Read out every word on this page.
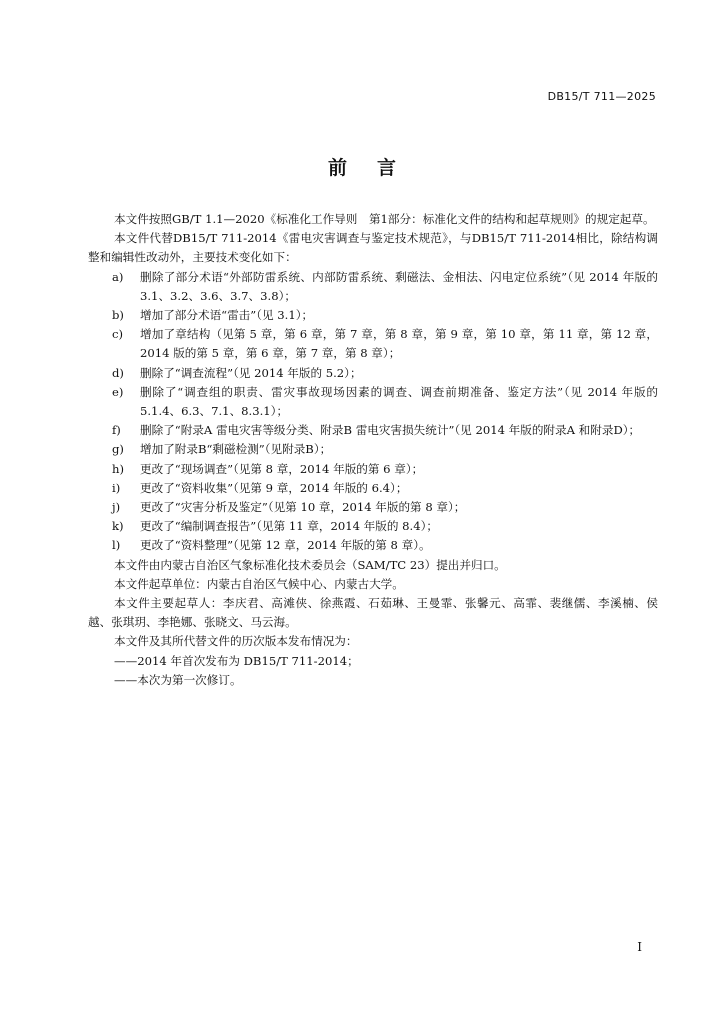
DB15/T 711—2025
前言

本文件按照GB/T 1.1—2020《标准化工作导则　第1部分：标准化文件的结构和起草规则》的规定起草。

本文件代替DB15/T 711-2014《雷电灾害调查与鉴定技术规范》，与DB15/T 711-2014相比，除结构调整和编辑性改动外，主要技术变化如下：

a)	删除了部分术语“外部防雷系统、内部防雷系统、剩磁法、金相法、闪电定位系统”（见 2014 年版的 3.1、3.2、3.6、3.7、3.8）；
b)	增加了部分术语“雷击”（见 3.1）；
c)	增加了章结构（见第 5 章，第 6 章，第 7 章，第 8 章，第 9 章，第 10 章，第 11 章，第 12 章，2014 版的第 5 章，第 6 章，第 7 章，第 8 章）；
d)	删除了“调查流程”（见 2014 年版的 5.2）；
e)	删除了“调查组的职责、雷灾事故现场因素的调查、调查前期准备、鉴定方法”（见 2014 年版的 5.1.4、6.3、7.1、8.3.1）；
f)	删除了“附录A 雷电灾害等级分类、附录B 雷电灾害损失统计”（见 2014 年版的附录A 和附录D）；
g)	增加了附录B“剩磁检测”（见附录B）；
h)	更改了“现场调查”（见第 8 章，2014 年版的第 6 章）；
i)	更改了“资料收集”（见第 9 章，2014 年版的 6.4）；
j)	更改了“灾害分析及鉴定”（见第 10 章，2014 年版的第 8 章）；
k)	更改了“编制调查报告”（见第 11 章，2014 年版的 8.4）；
l)	更改了“资料整理”（见第 12 章，2014 年版的第 8 章）。

本文件由内蒙古自治区气象标准化技术委员会（SAM/TC 23）提出并归口。

本文件起草单位：内蒙古自治区气候中心、内蒙古大学。

本文件主要起草人：李庆君、高滩侠、徐燕霞、石茹琳、王曼霏、张馨元、高霏、裴继儒、李溪楠、侯越、张琪玥、李艳娜、张晓文、马云海。

本文件及其所代替文件的历次版本发布情况为：

——2014 年首次发布为 DB15/T 711-2014；

——本次为第一次修订。

I
